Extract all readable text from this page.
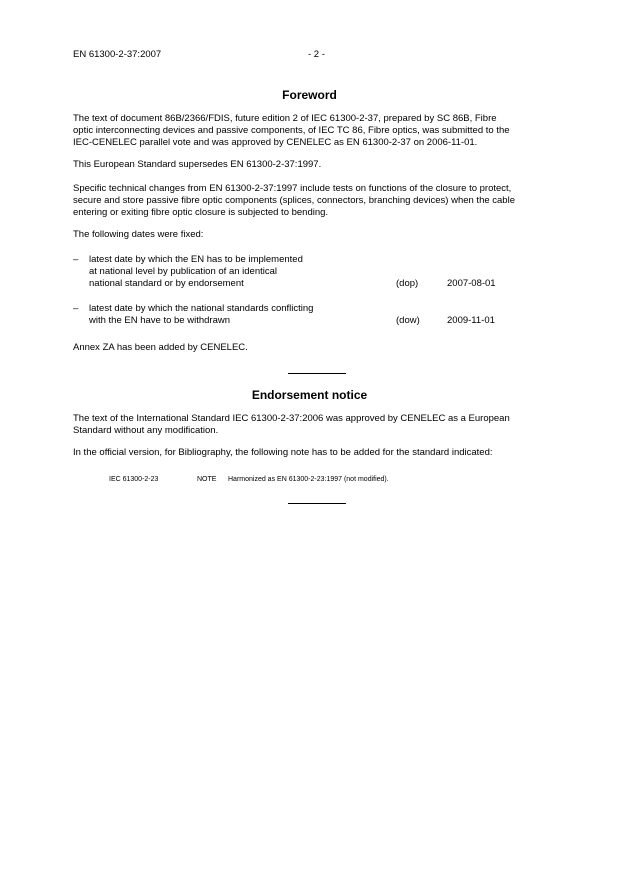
EN 61300-2-37:2007	- 2 -
Foreword
The text of document 86B/2366/FDIS, future edition 2 of IEC 61300-2-37, prepared by SC 86B, Fibre
optic interconnecting devices and passive components, of IEC TC 86, Fibre optics, was submitted to the
IEC-CENELEC parallel vote and was approved by CENELEC as EN 61300-2-37 on 2006-11-01.
This European Standard supersedes EN 61300-2-37:1997.
Specific technical changes from EN 61300-2-37:1997 include tests on functions of the closure to protect,
secure and store passive fibre optic components (splices, connectors, branching devices) when the cable
entering or exiting fibre optic closure is subjected to bending.
The following dates were fixed:
– latest date by which the EN has to be implemented
at national level by publication of an identical
national standard or by endorsement	(dop)	2007-08-01
– latest date by which the national standards conflicting
with the EN have to be withdrawn	(dow)	2009-11-01
Annex ZA has been added by CENELEC.
Endorsement notice
The text of the International Standard IEC 61300-2-37:2006 was approved by CENELEC as a European
Standard without any modification.
In the official version, for Bibliography, the following note has to be added for the standard indicated:
IEC 61300-2-23	NOTE Harmonized as EN 61300-2-23:1997 (not modified).
